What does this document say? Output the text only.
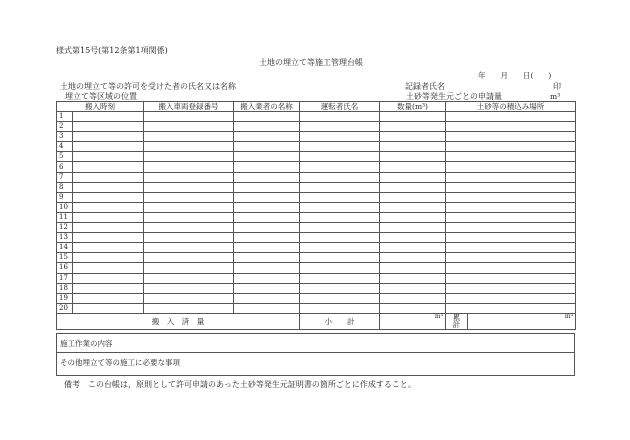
様式第15号(第12条第1項関係)
土地の埋立て等施工管理台帳
年　　月　　日(　　)
土地の埋立て等の許可を受けた者の氏名又は名称
埋立て等区域の位置
記録者氏名	印
土砂等発生元ごとの申請量	m³
搬入時刻		搬入車両登録番号	搬入業者の名称	運転者氏名	数量(m³)	土砂等の積込み場所	
1							
2							
3							
4							
5							
6							
7							
8							
9							
10							
11							
12							
13							
14							
15							
16							
17							
18							
19							
20							
搬　入　済　量				小　　計	m³	累　　計	m³
施工作業の内容
その他埋立て等の施工に必要な事項
備考　この台帳は，原則として許可申請のあった土砂等発生元証明書の箇所ごとに作成すること。
